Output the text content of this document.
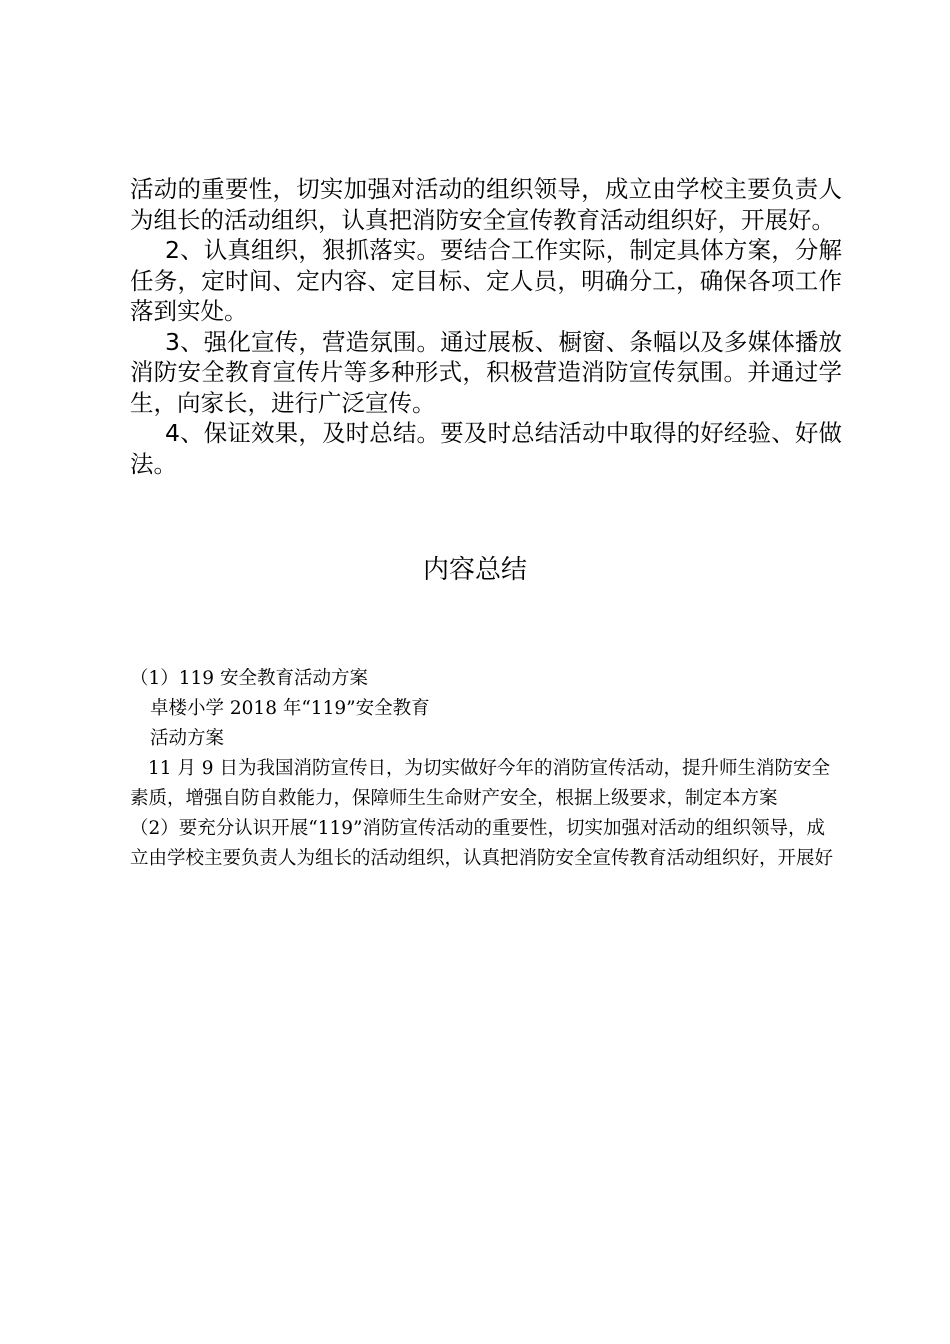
活动的重要性，切实加强对活动的组织领导，成立由学校主要负责人为组长的活动组织，认真把消防安全宣传教育活动组织好，开展好。

2、认真组织，狠抓落实。要结合工作实际，制定具体方案，分解任务，定时间、定内容、定目标、定人员，明确分工，确保各项工作落到实处。

3、强化宣传，营造氛围。通过展板、橱窗、条幅以及多媒体播放消防安全教育宣传片等多种形式，积极营造消防宣传氛围。并通过学生，向家长，进行广泛宣传。

4、保证效果，及时总结。要及时总结活动中取得的好经验、好做法。

内容总结

（1）119 安全教育活动方案

卓楼小学 2018 年“119”安全教育

活动方案

11 月 9 日为我国消防宣传日，为切实做好今年的消防宣传活动，提升师生消防安全素质，增强自防自救能力，保障师生生命财产安全，根据上级要求，制定本方案

（2）要充分认识开展“119”消防宣传活动的重要性，切实加强对活动的组织领导，成立由学校主要负责人为组长的活动组织，认真把消防安全宣传教育活动组织好，开展好
